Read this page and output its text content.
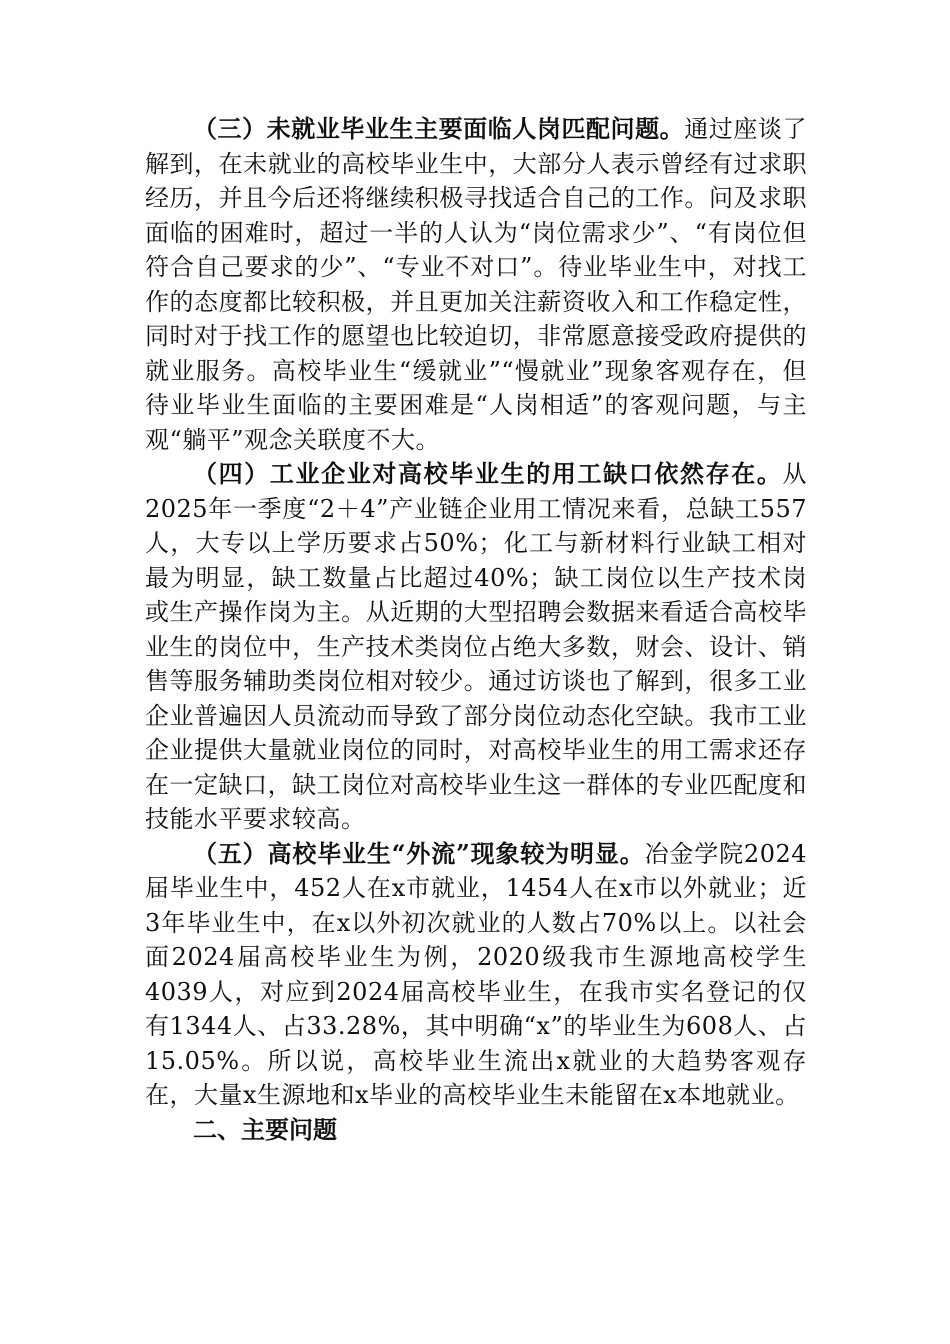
（三）未就业毕业生主要面临人岗匹配问题。通过座谈了解到，在未就业的高校毕业生中，大部分人表示曾经有过求职经历，并且今后还将继续积极寻找适合自己的工作。问及求职面临的困难时，超过一半的人认为“岗位需求少”、“有岗位但符合自己要求的少”、“专业不对口”。待业毕业生中，对找工作的态度都比较积极，并且更加关注薪资收入和工作稳定性，同时对于找工作的愿望也比较迫切，非常愿意接受政府提供的就业服务。高校毕业生“缓就业”“慢就业”现象客观存在，但待业毕业生面临的主要困难是“人岗相适”的客观问题，与主观“躺平”观念关联度不大。

（四）工业企业对高校毕业生的用工缺口依然存在。从2025年一季度“2＋4”产业链企业用工情况来看，总缺工557人，大专以上学历要求占50%；化工与新材料行业缺工相对最为明显，缺工数量占比超过40%；缺工岗位以生产技术岗或生产操作岗为主。从近期的大型招聘会数据来看适合高校毕业生的岗位中，生产技术类岗位占绝大多数，财会、设计、销售等服务辅助类岗位相对较少。通过访谈也了解到，很多工业企业普遍因人员流动而导致了部分岗位动态化空缺。我市工业企业提供大量就业岗位的同时，对高校毕业生的用工需求还存在一定缺口，缺工岗位对高校毕业生这一群体的专业匹配度和技能水平要求较高。

（五）高校毕业生“外流”现象较为明显。冶金学院2024届毕业生中，452人在x市就业，1454人在x市以外就业；近3年毕业生中，在x以外初次就业的人数占70%以上。以社会面2024届高校毕业生为例，2020级我市生源地高校学生4039人，对应到2024届高校毕业生，在我市实名登记的仅有1344人、占33.28%，其中明确“x”的毕业生为608人、占15.05%。所以说，高校毕业生流出x就业的大趋势客观存在，大量x生源地和x毕业的高校毕业生未能留在x本地就业。

二、主要问题
